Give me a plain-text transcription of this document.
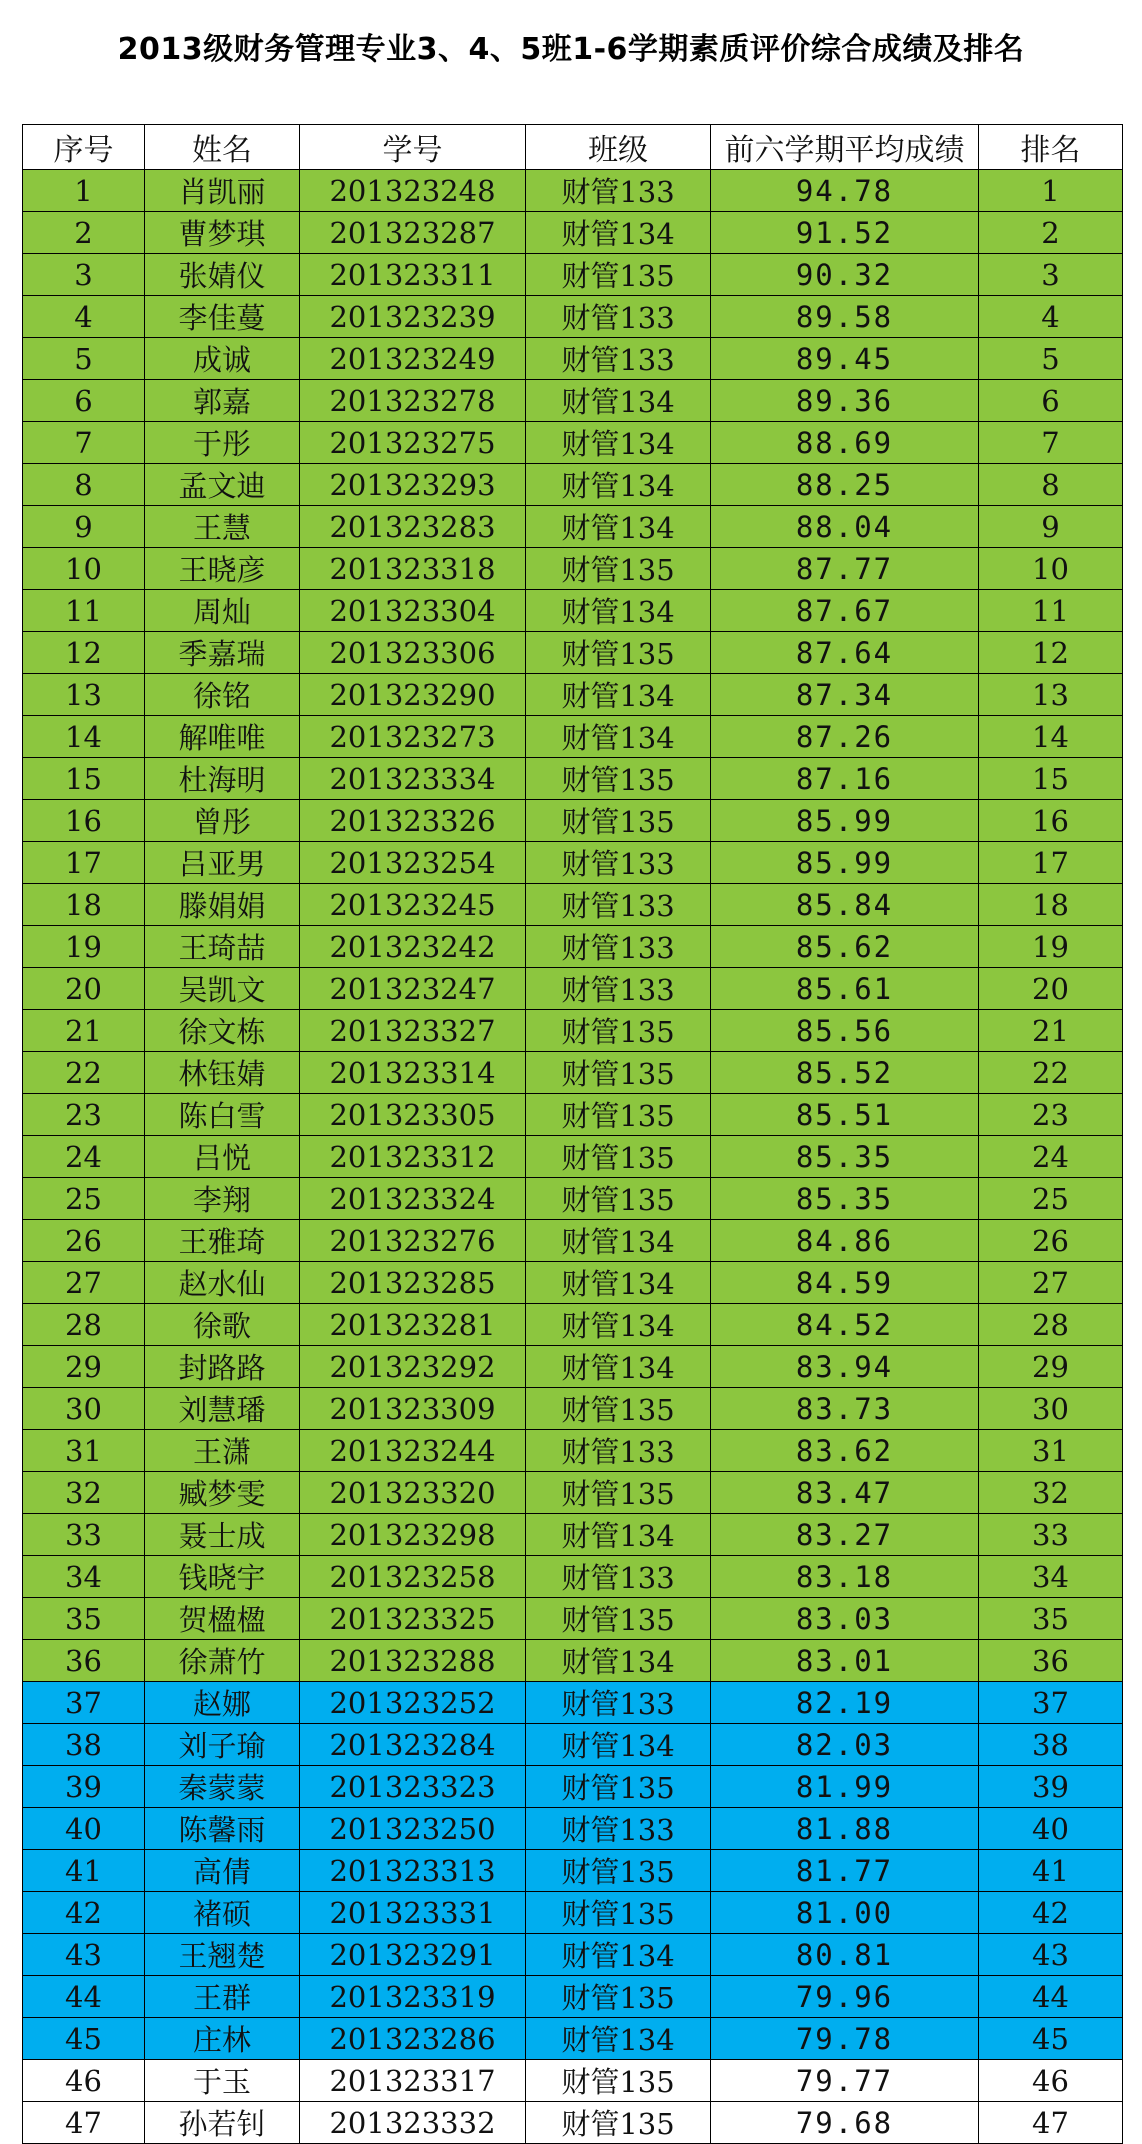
2013级财务管理专业3、4、5班1-6学期素质评价综合成绩及排名
序号	姓名	学号	班级	前六学期平均成绩	排名
1	肖凯丽	201323248	财管133	94.78	1
2	曹梦琪	201323287	财管134	91.52	2
3	张婧仪	201323311	财管135	90.32	3
4	李佳蔓	201323239	财管133	89.58	4
5	成诚	201323249	财管133	89.45	5
6	郭嘉	201323278	财管134	89.36	6
7	于彤	201323275	财管134	88.69	7
8	孟文迪	201323293	财管134	88.25	8
9	王慧	201323283	财管134	88.04	9
10	王晓彦	201323318	财管135	87.77	10
11	周灿	201323304	财管134	87.67	11
12	季嘉瑞	201323306	财管135	87.64	12
13	徐铭	201323290	财管134	87.34	13
14	解唯唯	201323273	财管134	87.26	14
15	杜海明	201323334	财管135	87.16	15
16	曾彤	201323326	财管135	85.99	16
17	吕亚男	201323254	财管133	85.99	17
18	滕娟娟	201323245	财管133	85.84	18
19	王琦喆	201323242	财管133	85.62	19
20	吴凯文	201323247	财管133	85.61	20
21	徐文栋	201323327	财管135	85.56	21
22	林钰婧	201323314	财管135	85.52	22
23	陈白雪	201323305	财管135	85.51	23
24	吕悦	201323312	财管135	85.35	24
25	李翔	201323324	财管135	85.35	25
26	王雅琦	201323276	财管134	84.86	26
27	赵水仙	201323285	财管134	84.59	27
28	徐歌	201323281	财管134	84.52	28
29	封路路	201323292	财管134	83.94	29
30	刘慧璠	201323309	财管135	83.73	30
31	王潇	201323244	财管133	83.62	31
32	臧梦雯	201323320	财管135	83.47	32
33	聂士成	201323298	财管134	83.27	33
34	钱晓宇	201323258	财管133	83.18	34
35	贺楹楹	201323325	财管135	83.03	35
36	徐萧竹	201323288	财管134	83.01	36
37	赵娜	201323252	财管133	82.19	37
38	刘子瑜	201323284	财管134	82.03	38
39	秦蒙蒙	201323323	财管135	81.99	39
40	陈馨雨	201323250	财管133	81.88	40
41	高倩	201323313	财管135	81.77	41
42	褚硕	201323331	财管135	81.00	42
43	王翘楚	201323291	财管134	80.81	43
44	王群	201323319	财管135	79.96	44
45	庄林	201323286	财管134	79.78	45
46	于玉	201323317	财管135	79.77	46
47	孙若钊	201323332	财管135	79.68	47
